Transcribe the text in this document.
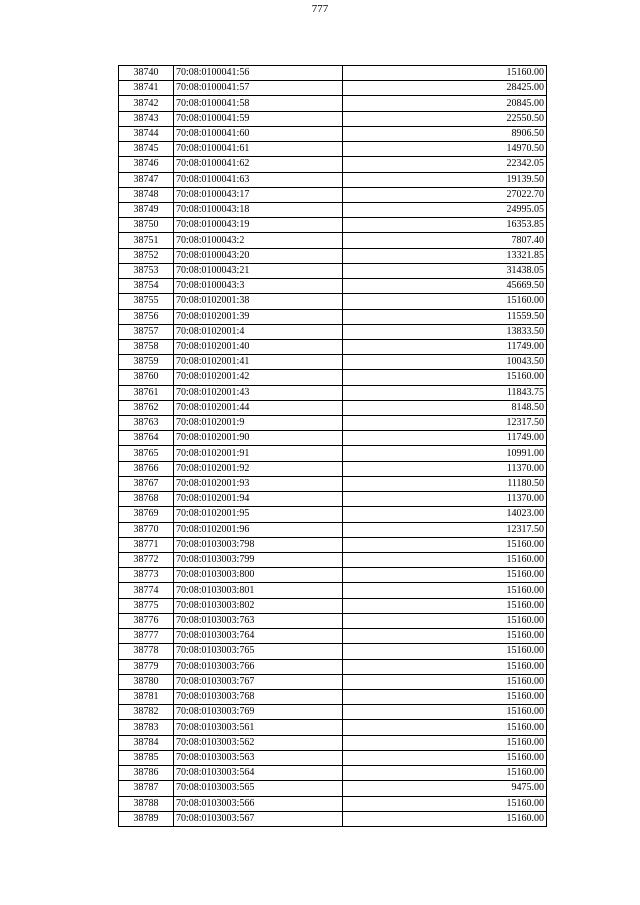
777
38740	70:08:0100041:56	15160.00
38741	70:08:0100041:57	28425.00
38742	70:08:0100041:58	20845.00
38743	70:08:0100041:59	22550.50
38744	70:08:0100041:60	8906.50
38745	70:08:0100041:61	14970.50
38746	70:08:0100041:62	22342.05
38747	70:08:0100041:63	19139.50
38748	70:08:0100043:17	27022.70
38749	70:08:0100043:18	24995.05
38750	70:08:0100043:19	16353.85
38751	70:08:0100043:2	7807.40
38752	70:08:0100043:20	13321.85
38753	70:08:0100043:21	31438.05
38754	70:08:0100043:3	45669.50
38755	70:08:0102001:38	15160.00
38756	70:08:0102001:39	11559.50
38757	70:08:0102001:4	13833.50
38758	70:08:0102001:40	11749.00
38759	70:08:0102001:41	10043.50
38760	70:08:0102001:42	15160.00
38761	70:08:0102001:43	11843.75
38762	70:08:0102001:44	8148.50
38763	70:08:0102001:9	12317.50
38764	70:08:0102001:90	11749.00
38765	70:08:0102001:91	10991.00
38766	70:08:0102001:92	11370.00
38767	70:08:0102001:93	11180.50
38768	70:08:0102001:94	11370.00
38769	70:08:0102001:95	14023.00
38770	70:08:0102001:96	12317.50
38771	70:08:0103003:798	15160.00
38772	70:08:0103003:799	15160.00
38773	70:08:0103003:800	15160.00
38774	70:08:0103003:801	15160.00
38775	70:08:0103003:802	15160.00
38776	70:08:0103003:763	15160.00
38777	70:08:0103003:764	15160.00
38778	70:08:0103003:765	15160.00
38779	70:08:0103003:766	15160.00
38780	70:08:0103003:767	15160.00
38781	70:08:0103003:768	15160.00
38782	70:08:0103003:769	15160.00
38783	70:08:0103003:561	15160.00
38784	70:08:0103003:562	15160.00
38785	70:08:0103003:563	15160.00
38786	70:08:0103003:564	15160.00
38787	70:08:0103003:565	9475.00
38788	70:08:0103003:566	15160.00
38789	70:08:0103003:567	15160.00
